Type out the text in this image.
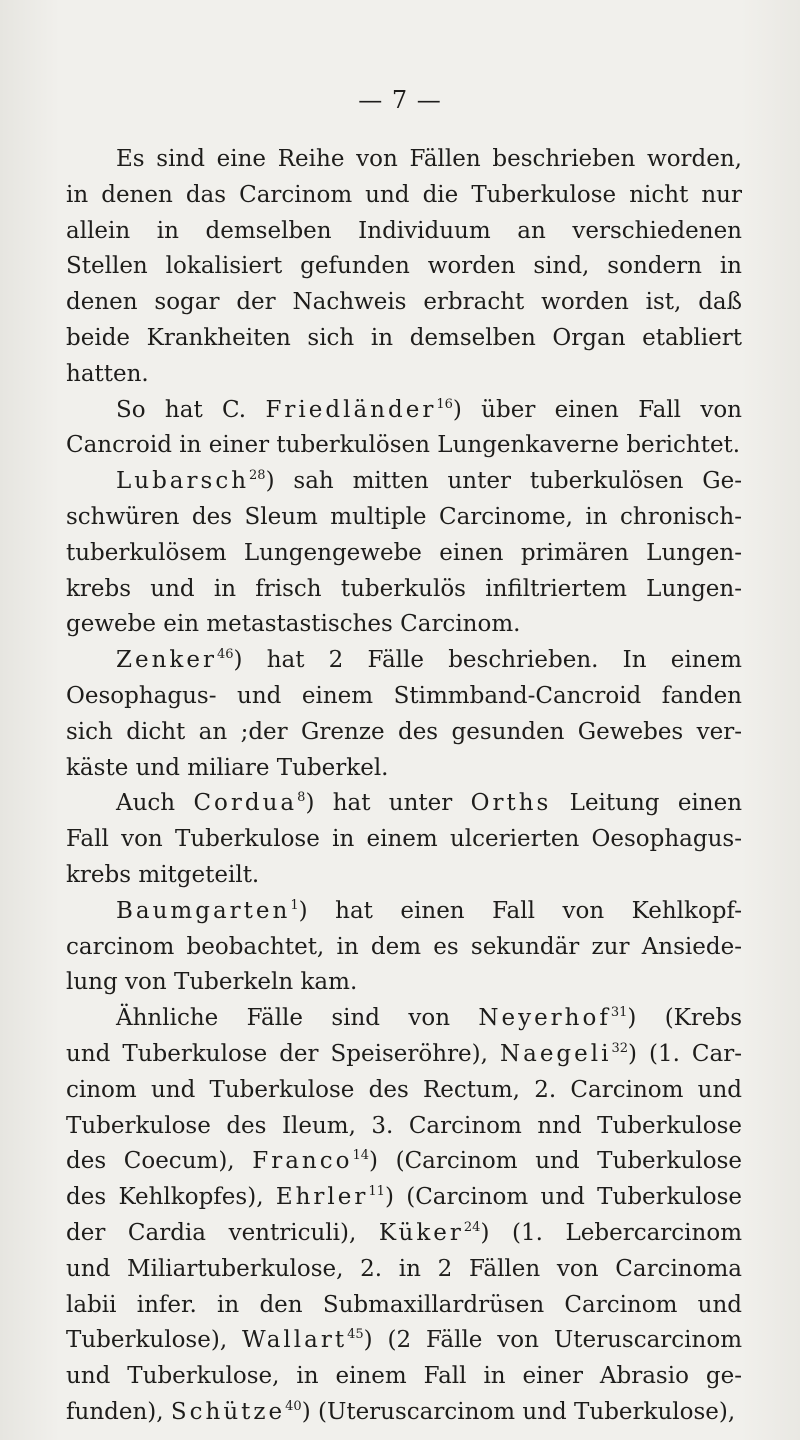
— 7 —
Es sind eine Reihe von Fällen beschrieben worden,
in denen das Carcinom und die Tuberkulose nicht nur
allein in demselben Individuum an verschiedenen
Stellen lokalisiert gefunden worden sind, sondern in
denen sogar der Nachweis erbracht worden ist, daß
beide Krankheiten sich in demselben Organ etabliert
hatten.
So hat C. Friedländer$^{16}$) über einen Fall von
Cancroid in einer tuberkulösen Lungenkaverne berichtet.
Lubarsch$^{28}$) sah mitten unter tuberkulösen Ge-
schwüren des Sleum multiple Carcinome, in chronisch-
tuberkulösem Lungengewebe einen primären Lungen-
krebs und in frisch tuberkulös infiltriertem Lungen-
gewebe ein metastastisches Carcinom.
Zenker$^{46}$) hat 2 Fälle beschrieben. In einem
Oesophagus- und einem Stimmband-Cancroid fanden
sich dicht an ;der Grenze des gesunden Gewebes ver-
käste und miliare Tuberkel.
Auch Cordua$^8$) hat unter Orths Leitung einen
Fall von Tuberkulose in einem ulcerierten Oesophagus-
krebs mitgeteilt.
Baumgarten$^1$) hat einen Fall von Kehlkopf-
carcinom beobachtet, in dem es sekundär zur Ansiede-
lung von Tuberkeln kam.
Ähnliche Fälle sind von Neyerhof$^{31}$) (Krebs
und Tuberkulose der Speiseröhre), Naegeli$^{32}$) (1. Car-
cinom und Tuberkulose des Rectum, 2. Carcinom und
Tuberkulose des Ileum, 3. Carcinom nnd Tuberkulose
des Coecum), Franco$^{14}$) (Carcinom und Tuberkulose
des Kehlkopfes), Ehrler$^{11}$) (Carcinom und Tuberkulose
der Cardia ventriculi), Küker$^{24}$) (1. Lebercarcinom
und Miliartuberkulose, 2. in 2 Fällen von Carcinoma
labii infer. in den Submaxillardrüsen Carcinom und
Tuberkulose), Wallart$^{45}$) (2 Fälle von Uteruscarcinom
und Tuberkulose, in einem Fall in einer Abrasio ge-
funden), Schütze$^{40}$) (Uteruscarcinom und Tuberkulose),
